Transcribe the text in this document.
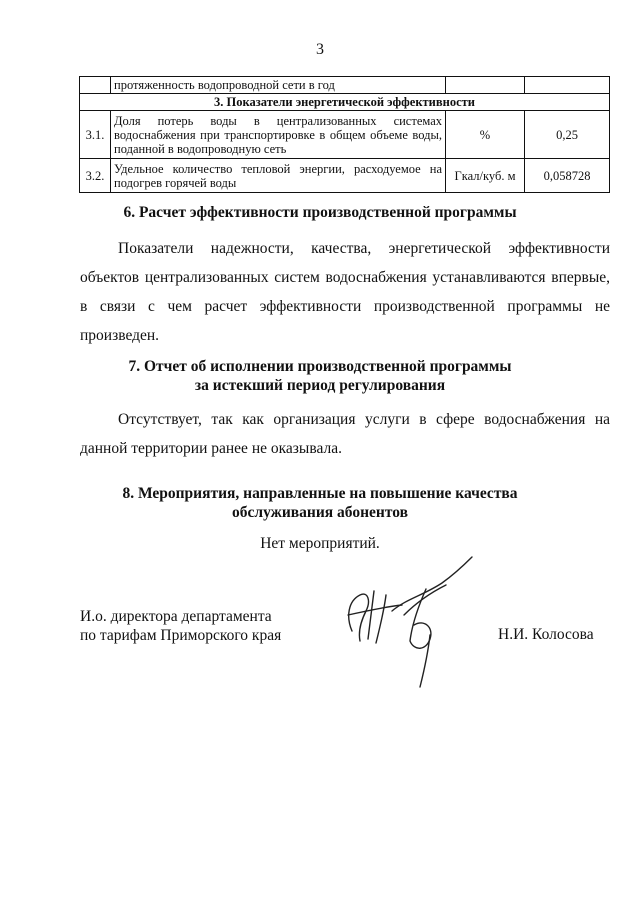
3
	протяженность водопроводной сети в год		
3. Показатели энергетической эффективности			
3.1.	Доля потерь воды в централизованных системах водоснабжения при транспортировке в общем объеме воды, поданной в водопроводную сеть	%	0,25
3.2.	Удельное количество тепловой энергии, расходуемое на подогрев горячей воды	Гкал/куб. м	0,058728
6. Расчет эффективности производственной программы
Показатели надежности, качества, энергетической эффективности объектов централизованных систем водоснабжения устанавливаются впервые, в связи с чем расчет эффективности производственной программы не произведен.
7. Отчет об исполнении производственной программы
за истекший период регулирования
Отсутствует, так как организация услуги в сфере водоснабжения на данной территории ранее не оказывала.
8. Мероприятия, направленные на повышение качества
обслуживания абонентов
Нет мероприятий.
И.о. директора департамента
по тарифам Приморского края	Н.И. Колосова
